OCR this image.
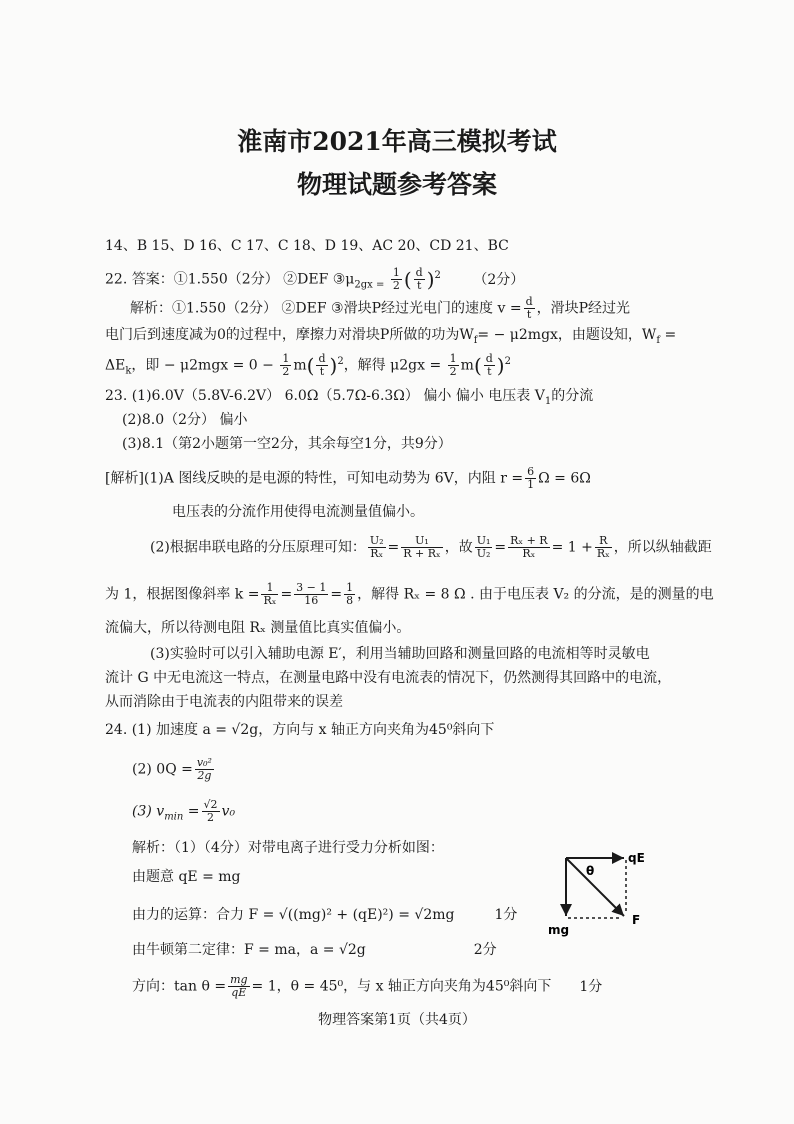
淮南市2021年高三模拟考试
物理试题参考答案
14、B 15、D 16、C 17、C 18、D 19、AC 20、CD 21、BC
22. 答案：①1.550（2分） ②DEF $③\mu_{2gx =} \frac{1}{2}$ ( $\frac{d}{t} )^2$ （2分）
解析：①1.550（2分） ②DEF ③滑块P经过光电门的速度 $v = \frac{d}{t}$ ，滑块P经过光
电门后到速度减为0的过程中，摩擦力对滑块P所做的功为$W_f= - \mu 2mgx$，由题设知，$W_f$ =
$\Delta E_k$，即 − $\mu 2mgx = 0 - \frac{1}{2} m( \frac{d}{t} )^2$，解得 $\mu 2gx = \frac{1}{2} m( \frac{d}{t} )^2$
23. (1)6.0V（5.8V-6.2V） 6.0Ω（5.7Ω-6.3Ω） 偏小 偏小 电压表 $V_1$的分流
(2)8.0（2分） 偏小
(3)8.1（第2小题第一空2分，其余每空1分，共9分）
[解析](1)A 图线反映的是电源的特性，可知电动势为 6V，内阻 $r = \frac{6}{1}$ Ω = 6Ω
电压表的分流作用使得电流测量值偏小。
(2)根据串联电路的分压原理可知： $\frac{\text{U₂}}{\text{Rₓ}} = \frac{\text{U₁}}{\text{R + Rₓ}}$ ，故 $\frac{\text{U₁}}{\text{U₂}} = \frac{\text{Rₓ + R}}{\text{Rₓ}} = 1 + \frac{R}{\text{Rₓ}}$ ，所以纵轴截距
为 1，根据图像斜率 $k = \frac{1}{\text{Rₓ}} = \frac{3 - 1}{16} = \frac{1}{8}$ ，解得 Rₓ = 8 Ω . 由于电压表 V₂ 的分流，是的测量的电
流偏大，所以待测电阻 Rₓ 测量值比真实值偏小。
(3)实验时可以引入辅助电源 E′，利用当辅助回路和测量回路的电流相等时灵敏电
流计 G 中无电流这一特点，在测量电路中没有电流表的情况下，仍然测得其回路中的电流，
从而消除由于电流表的内阻带来的误差
24. (1) 加速度 a = √2g，方向与 x 轴正方向夹角为45⁰斜向下
(2) $0Q = \frac{\text{v₀²}}{2g}$
(3) $v_{min} = \frac{√2}{2} v_0$
解析：（1）（4分）对带电离子进行受力分析如图：
由题意 qE = mg
由力的运算：合力 F = √((mg)² + (qE)²) = √2mg	1分
由牛顿第二定律：F = ma，a = √2g	2分
方向：$\tan \theta = \frac{mg}{qE} = 1$，θ = 45⁰，与 x 轴正方向夹角为45⁰斜向下 1分
θ
qE
F
mg
物理答案第1页（共4页）
